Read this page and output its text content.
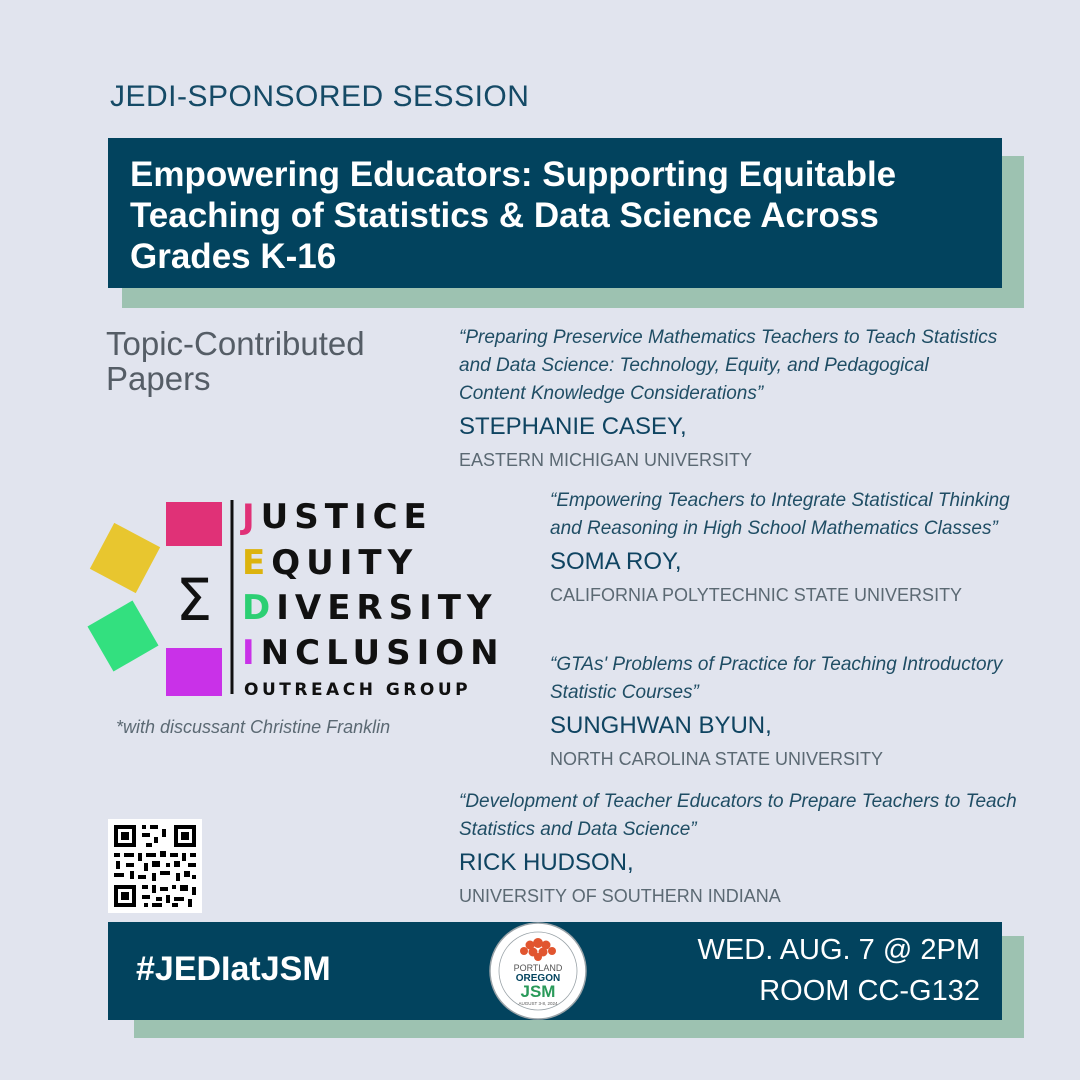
JEDI-SPONSORED SESSION
Empowering Educators: Supporting Equitable Teaching of Statistics & Data Science Across Grades K-16
Topic-Contributed Papers
“Preparing Preservice Mathematics Teachers to Teach Statistics and Data Science: Technology, Equity, and Pedagogical Content Knowledge Considerations”
STEPHANIE CASEY,
EASTERN MICHIGAN UNIVERSITY
“Empowering Teachers to Integrate Statistical Thinking and Reasoning in High School Mathematics Classes”
SOMA ROY,
CALIFORNIA POLYTECHNIC STATE UNIVERSITY
“GTAs' Problems of Practice for Teaching Introductory Statistic Courses”
SUNGHWAN BYUN,
NORTH CAROLINA STATE UNIVERSITY
“Development of Teacher Educators to Prepare Teachers to Teach Statistics and Data Science”
RICK HUDSON,
UNIVERSITY OF SOUTHERN INDIANA
Σ
JUSTICE
EQUITY
DIVERSITY
INCLUSION
OUTREACH GROUP
*with discussant Christine Franklin
#JEDIatJSM	PORTLAND
OREGON
JSM
AUGUST 3-8, 2024
WED. AUG. 7 @ 2PM
ROOM CC-G132
